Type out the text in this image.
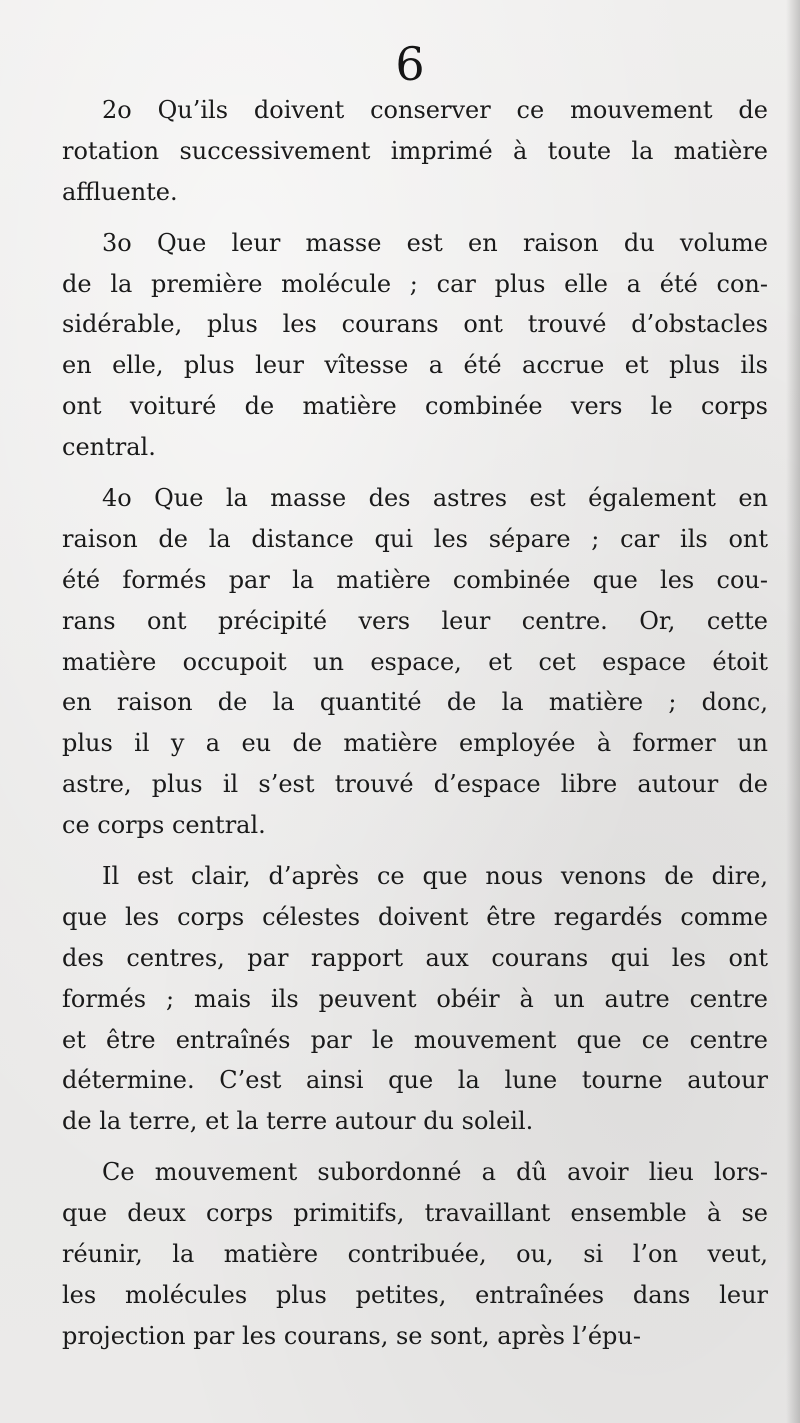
6
2o Qu’ils doivent conserver ce mouvement de
rotation successivement imprimé à toute la matière
affluente.
3o Que leur masse est en raison du volume
de la première molécule ; car plus elle a été con-
sidérable, plus les courans ont trouvé d’obstacles
en elle, plus leur vîtesse a été accrue et plus ils
ont voituré de matière combinée vers le corps
central.
4o Que la masse des astres est également en
raison de la distance qui les sépare ; car ils ont
été formés par la matière combinée que les cou-
rans ont précipité vers leur centre. Or, cette
matière occupoit un espace, et cet espace étoit
en raison de la quantité de la matière ; donc,
plus il y a eu de matière employée à former un
astre, plus il s’est trouvé d’espace libre autour de
ce corps central.
Il est clair, d’après ce que nous venons de dire,
que les corps célestes doivent être regardés comme
des centres, par rapport aux courans qui les ont
formés ; mais ils peuvent obéir à un autre centre
et être entraînés par le mouvement que ce centre
détermine. C’est ainsi que la lune tourne autour
de la terre, et la terre autour du soleil.
Ce mouvement subordonné a dû avoir lieu lors-
que deux corps primitifs, travaillant ensemble à se
réunir, la matière contribuée, ou, si l’on veut,
les molécules plus petites, entraînées dans leur
projection par les courans, se sont, après l’épu-
